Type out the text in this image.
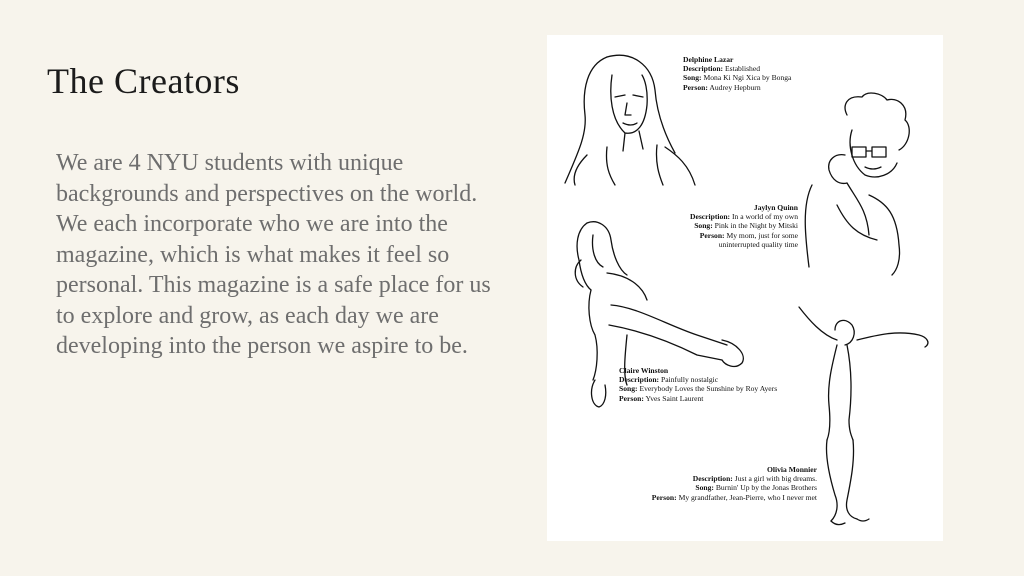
The Creators
We are 4 NYU students with unique backgrounds and perspectives on the world. We each incorporate who we are into the magazine, which is what makes it feel so personal. This magazine is a safe place for us to explore and grow, as each day we are developing into the person we aspire to be.
Delphine Lazar
Description: Established
Song: Mona Ki Ngi Xica by Bonga
Person: Audrey Hepburn
Jaylyn Quinn
Description: In a world of my own
Song: Pink in the Night by Mitski
Person: My mom, just for some
uninterrupted quality time
Claire Winston
Description: Painfully nostalgic
Song: Everybody Loves the Sunshine by Roy Ayers
Person: Yves Saint Laurent
Olivia Monnier
Description: Just a girl with big dreams.
Song: Burnin' Up by the Jonas Brothers
Person: My grandfather, Jean-Pierre, who I never met
